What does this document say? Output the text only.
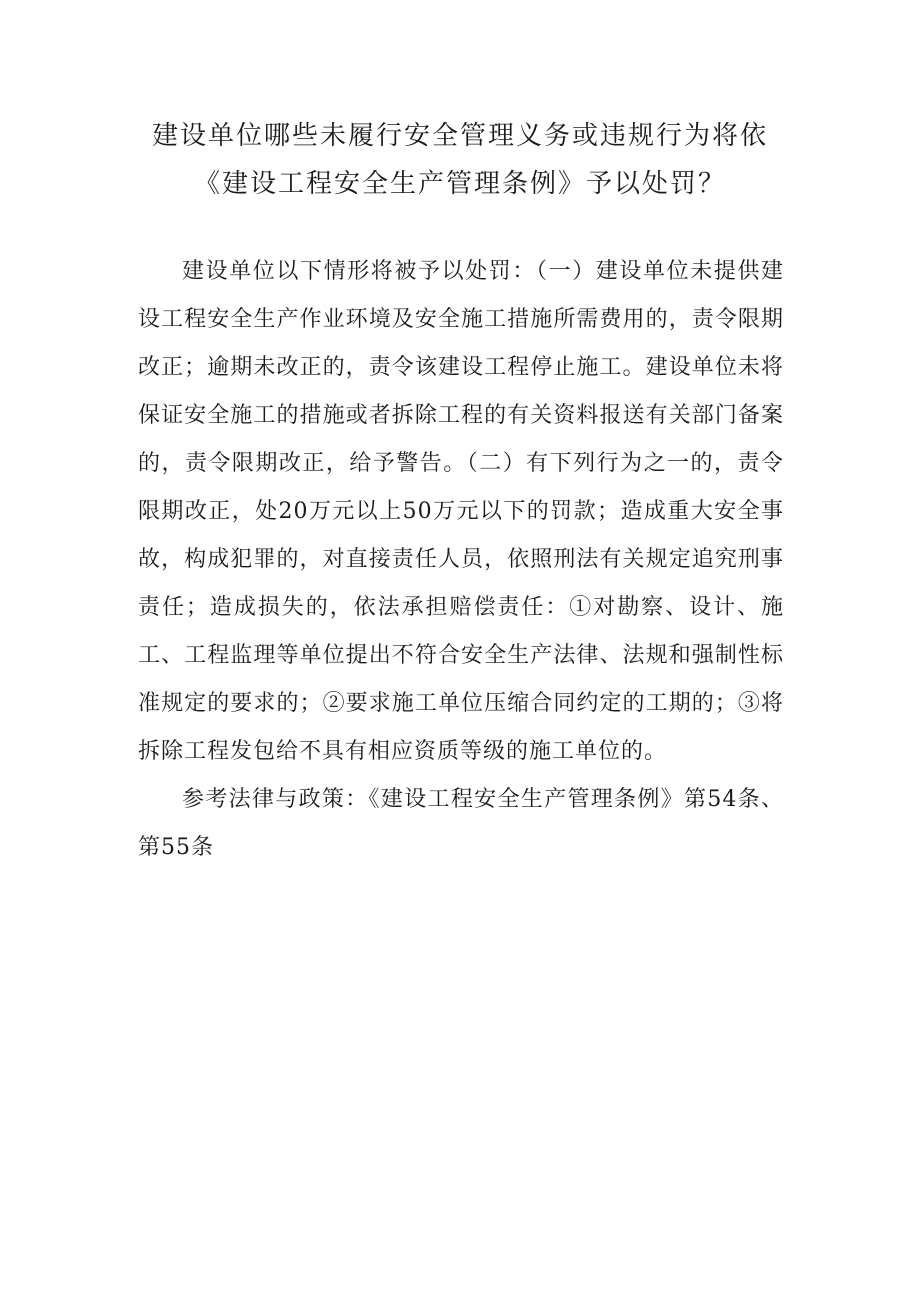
建设单位哪些未履行安全管理义务或违规行为将依
《建设工程安全生产管理条例》予以处罚？

建设单位以下情形将被予以处罚：（一）建设单位未提供建设工程安全生产作业环境及安全施工措施所需费用的，责令限期改正；逾期未改正的，责令该建设工程停止施工。建设单位未将保证安全施工的措施或者拆除工程的有关资料报送有关部门备案的，责令限期改正，给予警告。（二）有下列行为之一的，责令限期改正，处20万元以上50万元以下的罚款；造成重大安全事故，构成犯罪的，对直接责任人员，依照刑法有关规定追究刑事责任；造成损失的，依法承担赔偿责任：①对勘察、设计、施工、工程监理等单位提出不符合安全生产法律、法规和强制性标准规定的要求的；②要求施工单位压缩合同约定的工期的；③将拆除工程发包给不具有相应资质等级的施工单位的。

参考法律与政策：《建设工程安全生产管理条例》第54条、第55条
